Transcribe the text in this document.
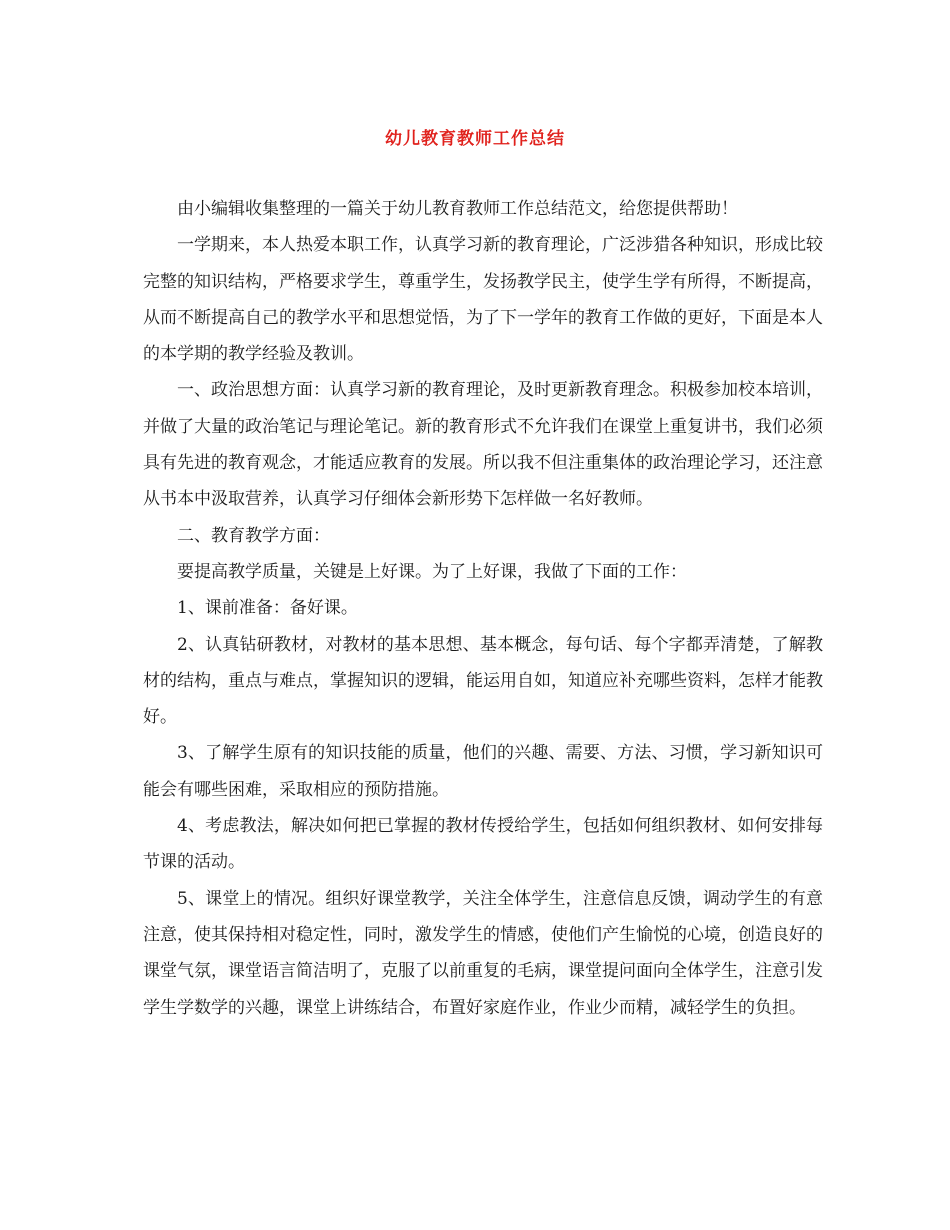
幼儿教育教师工作总结

由小编辑收集整理的一篇关于幼儿教育教师工作总结范文，给您提供帮助！

一学期来，本人热爱本职工作，认真学习新的教育理论，广泛涉猎各种知识，形成比较完整的知识结构，严格要求学生，尊重学生，发扬教学民主，使学生学有所得，不断提高，从而不断提高自己的教学水平和思想觉悟，为了下一学年的教育工作做的更好，下面是本人的本学期的教学经验及教训。

一、政治思想方面：认真学习新的教育理论，及时更新教育理念。积极参加校本培训，并做了大量的政治笔记与理论笔记。新的教育形式不允许我们在课堂上重复讲书，我们必须具有先进的教育观念，才能适应教育的发展。所以我不但注重集体的政治理论学习，还注意从书本中汲取营养，认真学习仔细体会新形势下怎样做一名好教师。

二、教育教学方面：

要提高教学质量，关键是上好课。为了上好课，我做了下面的工作：

1、课前准备：备好课。

2、认真钻研教材，对教材的基本思想、基本概念，每句话、每个字都弄清楚，了解教材的结构，重点与难点，掌握知识的逻辑，能运用自如，知道应补充哪些资料，怎样才能教好。

3、了解学生原有的知识技能的质量，他们的兴趣、需要、方法、习惯，学习新知识可能会有哪些困难，采取相应的预防措施。

4、考虑教法，解决如何把已掌握的教材传授给学生，包括如何组织教材、如何安排每节课的活动。

5、课堂上的情况。组织好课堂教学，关注全体学生，注意信息反馈，调动学生的有意注意，使其保持相对稳定性，同时，激发学生的情感，使他们产生愉悦的心境，创造良好的课堂气氛，课堂语言简洁明了，克服了以前重复的毛病，课堂提问面向全体学生，注意引发学生学数学的兴趣，课堂上讲练结合，布置好家庭作业，作业少而精，减轻学生的负担。
